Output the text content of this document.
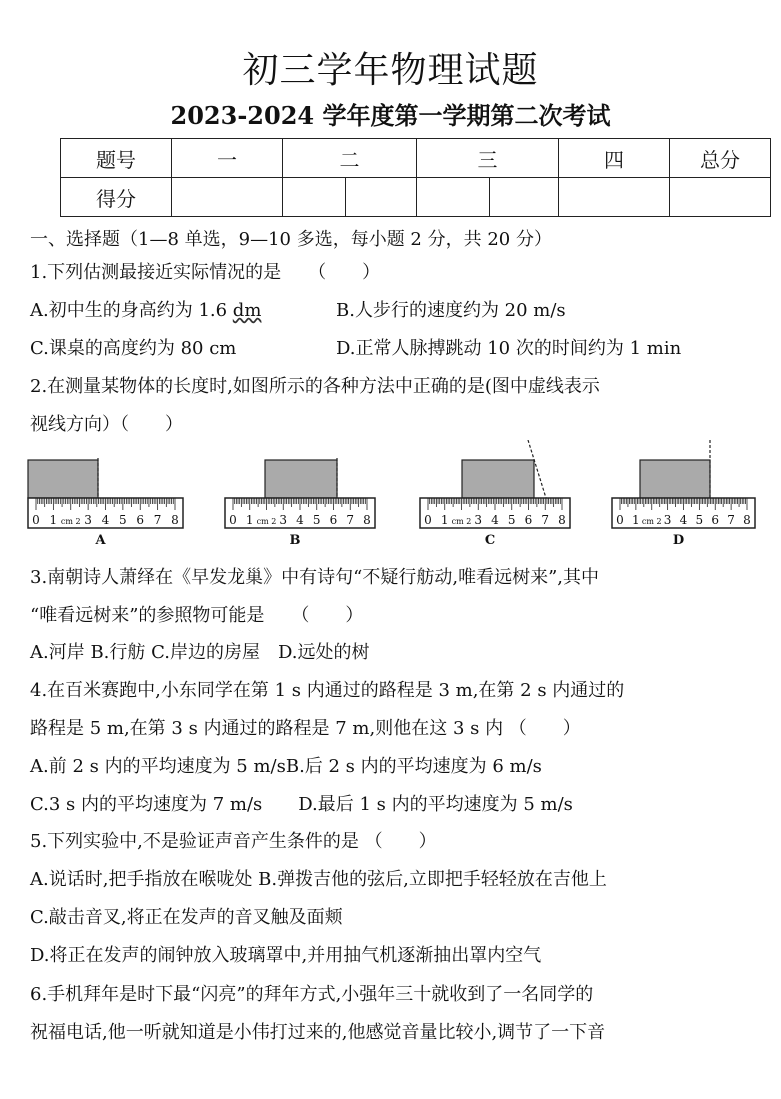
初三学年物理试题
2023-2024 学年度第一学期第二次考试
题号	一	二		三		四	总分
得分							
一、选择题（1—8 单选，9—10 多选，每小题 2 分，共 20 分）
1.下列估测最接近实际情况的是　　（　　）
A.初中生的身高约为 1.6 dm	B.人步行的速度约为 20 m/s
C.课桌的高度约为 80 cm	D.正常人脉搏跳动 10 次的时间约为 1 min
2.在测量某物体的长度时,如图所示的各种方法中正确的是(图中虚线表示
视线方向）（　　）
0 1 cm 2 3 4 5 6 7 8
A
0 1 cm 2 3 4 5 6 7 8
B
0 1 cm 2 3 4 5 6 7 8
C
0 1 cm 2 3 4 5 6 7 8
D
3.南朝诗人萧绎在《早发龙巢》中有诗句“不疑行舫动,唯看远树来”,其中
“唯看远树来”的参照物可能是　　（　　）
A.河岸 B.行舫 C.岸边的房屋　D.远处的树
4.在百米赛跑中,小东同学在第 1 s 内通过的路程是 3 m,在第 2 s 内通过的
路程是 5 m,在第 3 s 内通过的路程是 7 m,则他在这 3 s 内 （　　）
A.前 2 s 内的平均速度为 5 m/sB.后 2 s 内的平均速度为 6 m/s
C.3 s 内的平均速度为 7 m/s　　D.最后 1 s 内的平均速度为 5 m/s
5.下列实验中,不是验证声音产生条件的是 （　　）
A.说话时,把手指放在喉咙处 B.弹拨吉他的弦后,立即把手轻轻放在吉他上
C.敲击音叉,将正在发声的音叉触及面颊
D.将正在发声的闹钟放入玻璃罩中,并用抽气机逐渐抽出罩内空气
6.手机拜年是时下最“闪亮”的拜年方式,小强年三十就收到了一名同学的
祝福电话,他一听就知道是小伟打过来的,他感觉音量比较小,调节了一下音
